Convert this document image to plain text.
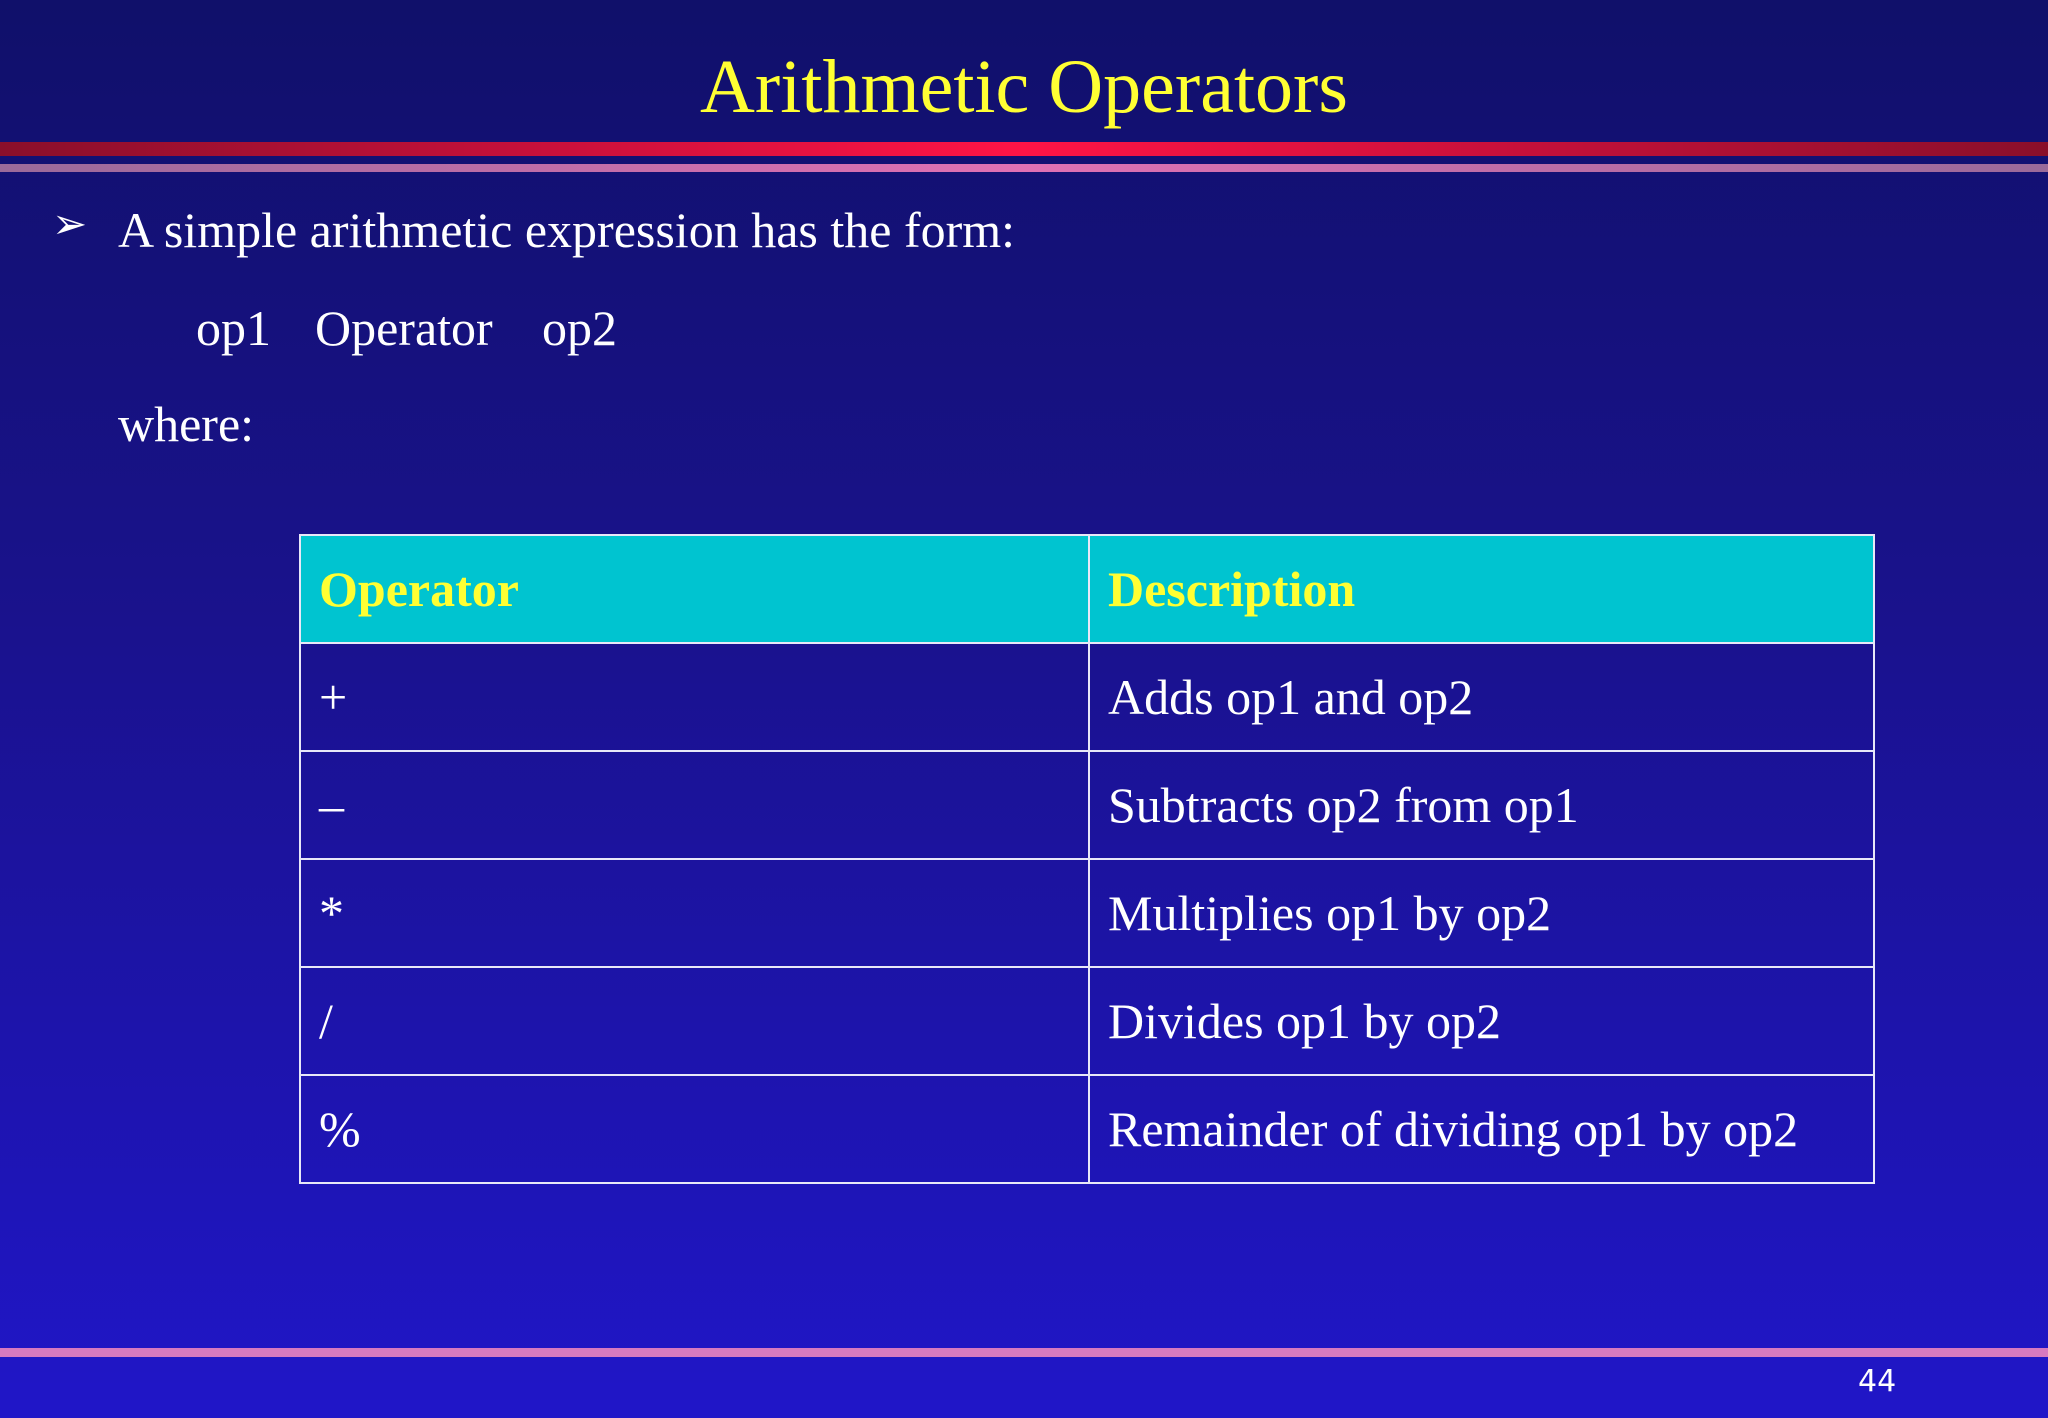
Arithmetic Operators
➢ A simple arithmetic expression has the form:
op1 Operator op2
where:
Operator	Description
+	Adds op1 and op2
–	Subtracts op2 from op1
*	Multiplies op1 by op2
/	Divides op1 by op2
%	Remainder of dividing op1 by op2
44
